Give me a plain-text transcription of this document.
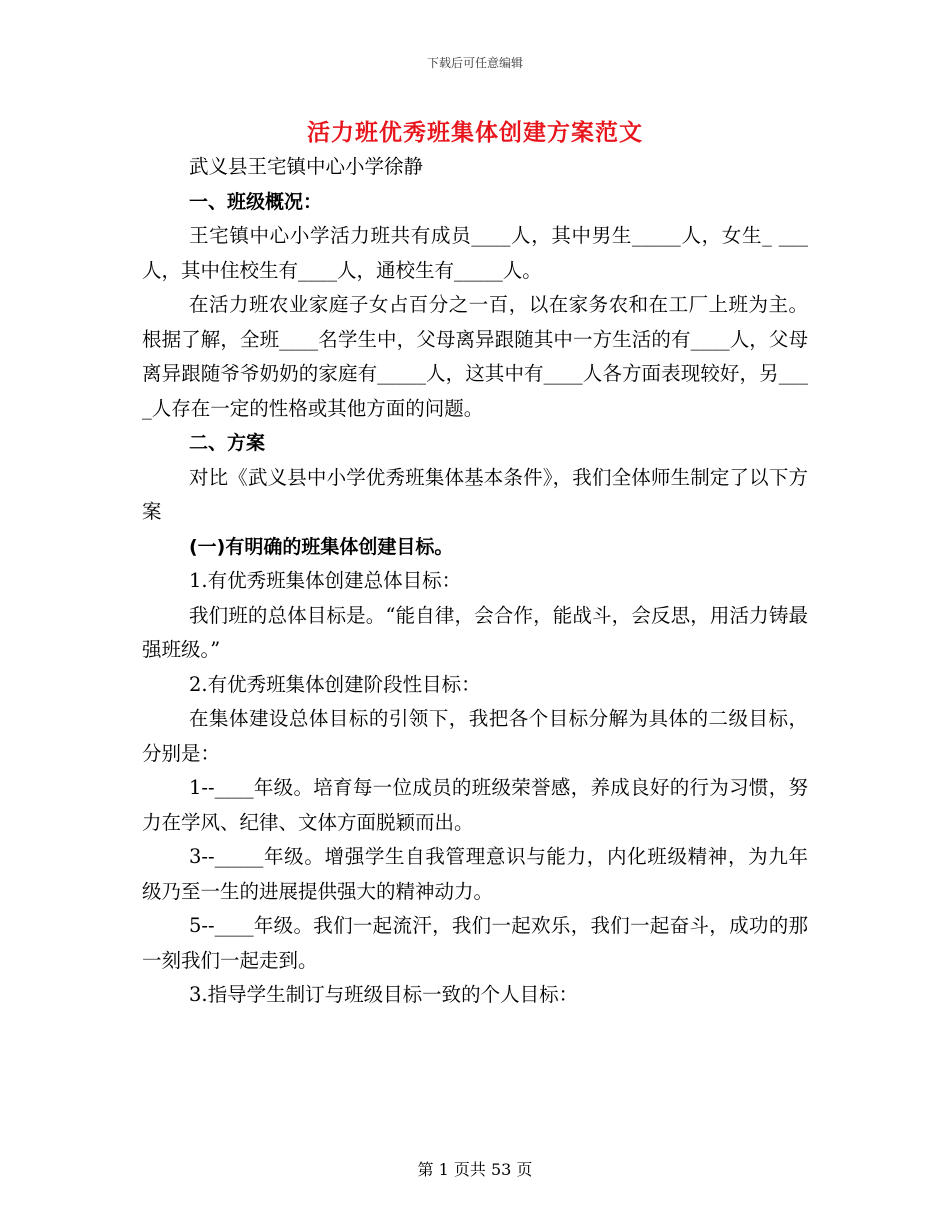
下载后可任意编辑
活力班优秀班集体创建方案范文

武义县王宅镇中心小学徐静

一、班级概况：

王宅镇中心小学活力班共有成员____人，其中男生_____人，女生_ ___人，其中住校生有____人，通校生有_____人。

在活力班农业家庭子女占百分之一百，以在家务农和在工厂上班为主。根据了解，全班____名学生中，父母离异跟随其中一方生活的有____人，父母离异跟随爷爷奶奶的家庭有_____人，这其中有____人各方面表现较好，另____人存在一定的性格或其他方面的问题。

二、方案

对比《武义县中小学优秀班集体基本条件》，我们全体师生制定了以下方案

(一)有明确的班集体创建目标。

1.有优秀班集体创建总体目标：

我们班的总体目标是。“能自律，会合作，能战斗，会反思，用活力铸最强班级。”

2.有优秀班集体创建阶段性目标：

在集体建设总体目标的引领下，我把各个目标分解为具体的二级目标，分别是：

1--____年级。培育每一位成员的班级荣誉感，养成良好的行为习惯，努力在学风、纪律、文体方面脱颖而出。

3--_____年级。增强学生自我管理意识与能力，内化班级精神，为九年级乃至一生的进展提供强大的精神动力。

5--____年级。我们一起流汗，我们一起欢乐，我们一起奋斗，成功的那一刻我们一起走到。

3.指导学生制订与班级目标一致的个人目标：

第 1 页共 53 页
